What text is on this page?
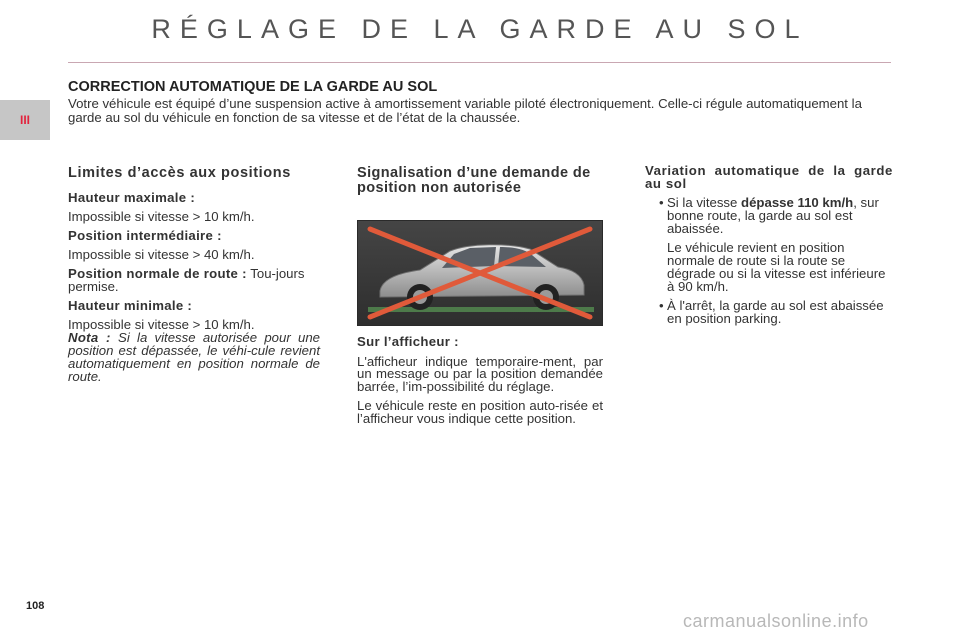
RÉGLAGE DE LA GARDE AU SOL
III
CORRECTION AUTOMATIQUE DE LA GARDE AU SOL

Votre véhicule est équipé d’une suspension active à amortissement variable piloté électroniquement. Celle-ci régule automatiquement la garde au sol du véhicule en fonction de sa vitesse et de l’état de la chaussée.

Limites d’accès aux positions

Hauteur maximale :

Impossible si vitesse > 10 km/h.

Position intermédiaire :

Impossible si vitesse > 40 km/h.

Position normale de route : Tou-jours permise.

Hauteur minimale :

Impossible si vitesse > 10 km/h.

Nota : Si la vitesse autorisée pour une position est dépassée, le véhi-cule revient automatiquement en position normale de route.

Signalisation d’une demande de position non autorisée

Sur l’afficheur :

L'afficheur indique temporaire-ment, par un message ou par la position demandée barrée, l’im-possibilité du réglage.

Le véhicule reste en position auto-risée et l’afficheur vous indique cette position.

Variation automatique de la garde au sol

• Si la vitesse dépasse 110 km/h, sur bonne route, la garde au sol est abaissée.

Le véhicule revient en position normale de route si la route se dégrade ou si la vitesse est inférieure à 90 km/h.

• À l'arrêt, la garde au sol est abaissée en position parking.

108
carmanualsonline.info
